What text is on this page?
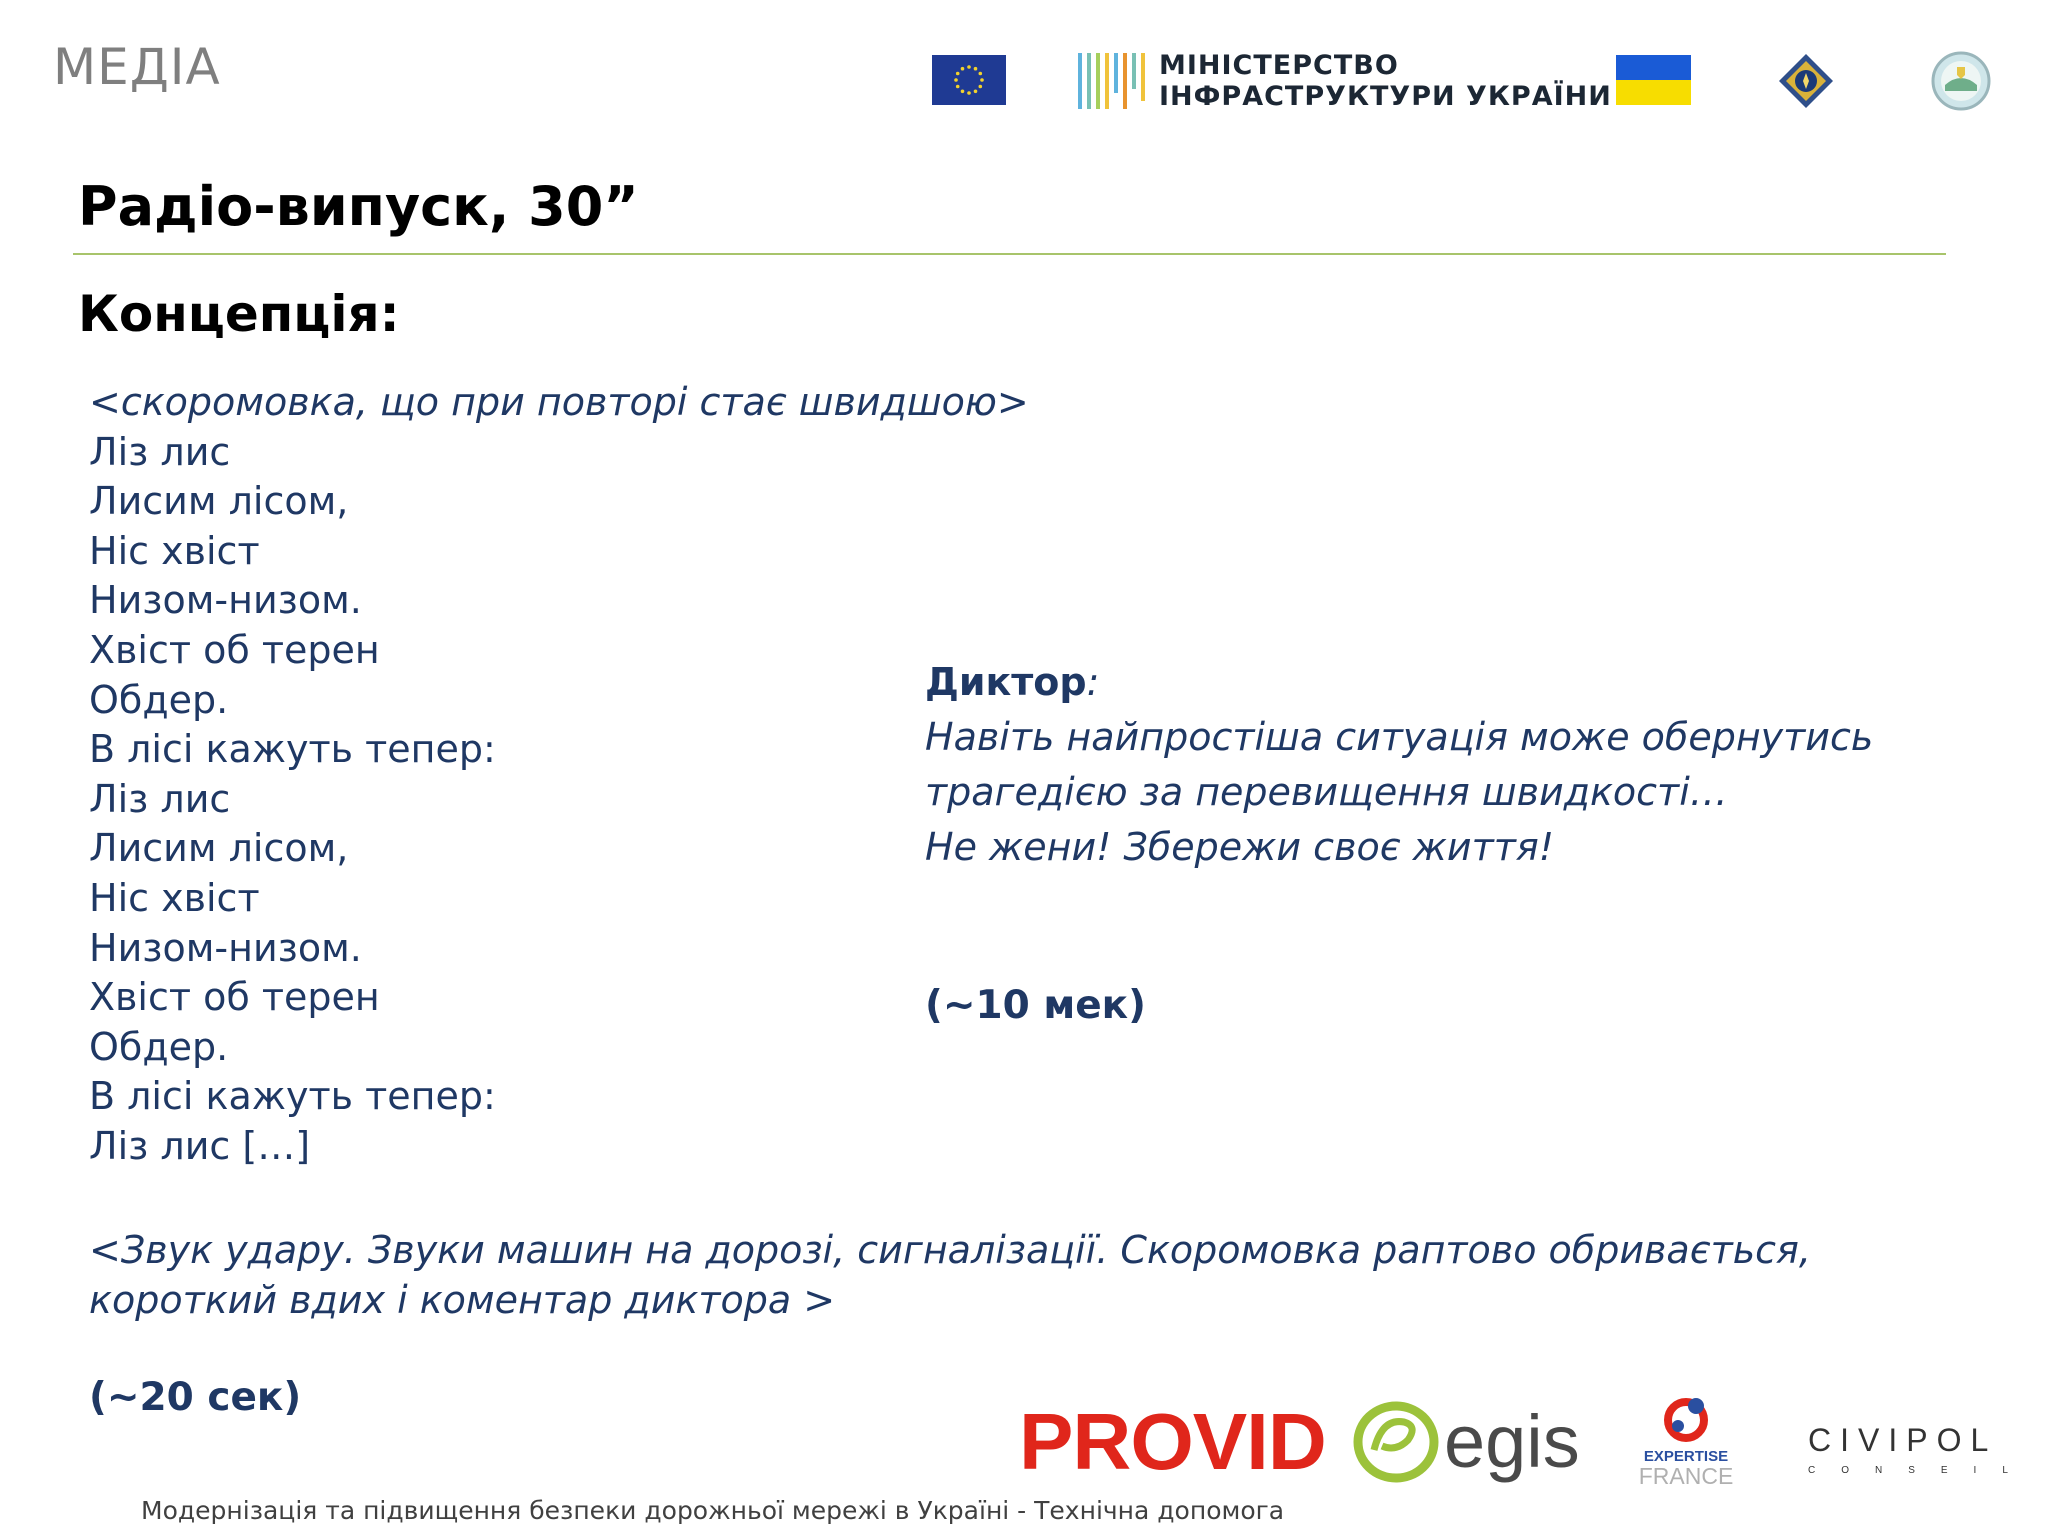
МЕДІА	МІНІСТЕРСТВО
ІНФРАСТРУКТУРИ УКРАЇНИ
Радіо-випуск, 30”
Концепція:
<скоромовка, що при повторі стає швидшою>
Ліз лис
Лисим лісом,
Ніс хвіст
Низом-низом.
Хвіст об терен
Обдер.
В лісі кажуть тепер:
Ліз лис
Лисим лісом,
Ніс хвіст
Низом-низом.
Хвіст об терен
Обдер.
В лісі кажуть тепер:
Ліз лис […]
<Звук удару. Звуки машин на дорозі, сигналізації. Скоромовка раптово обривається,
короткий вдих і коментар диктора >
(~20 сек)
Диктор:
Навіть найпростіша ситуація може обернутись
трагедією за перевищення швидкості…
Не жени! Збережи своє життя!
(~10 мек)
PROVID egis	EXPERTISE
FRANCE
CIVIPOL
CONSEIL
Модернізація та підвищення безпеки дорожньої мережі в Україні - Технічна допомога
